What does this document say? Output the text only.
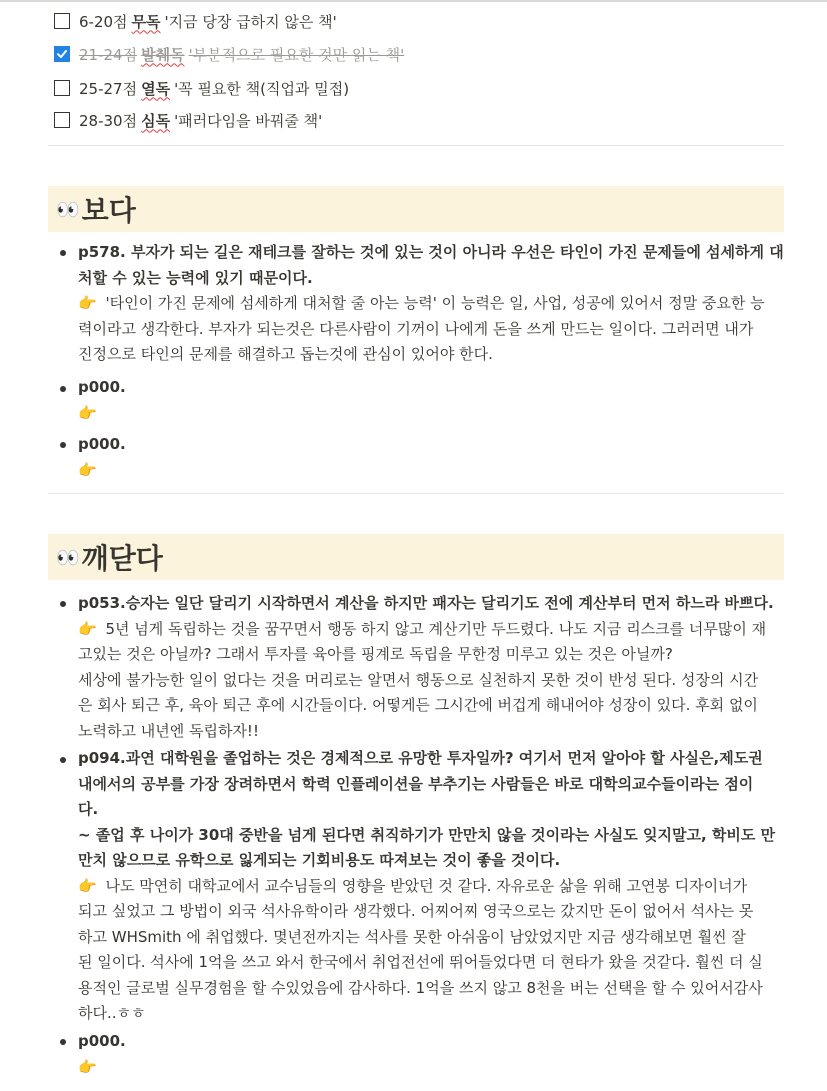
6-20점 무독 '지금 당장 급하지 않은 책'
21-24점 발췌독 '부분적으로 필요한 것만 읽는 책'
25-27점 열독 '꼭 필요한 책(직업과 밀접)
28-30점 심독 '패러다임을 바꿔줄 책'
👀 보다

p578. 부자가 되는 길은 재테크를 잘하는 것에 있는 것이 아니라 우선은 타인이 가진 문제들에 섬세하게 대처할 수 있는 능력에 있기 때문이다.

👉 '타인이 가진 문제에 섬세하게 대처할 줄 아는 능력' 이 능력은 일, 사업, 성공에 있어서 정말 중요한 능

력이라고 생각한다. 부자가 되는것은 다른사람이 기꺼이 나에게 돈을 쓰게 만드는 일이다. 그러러면 내가

진정으로 타인의 문제를 해결하고 돕는것에 관심이 있어야 한다.

p000.

👉

p000.

👉

👀 깨닫다

p053.승자는 일단 달리기 시작하면서 계산을 하지만 패자는 달리기도 전에 계산부터 먼저 하느라 바쁘다.

👉 5년 넘게 독립하는 것을 꿈꾸면서 행동 하지 않고 계산기만 두드렸다. 나도 지금 리스크를 너무많이 재

고있는 것은 아닐까? 그래서 투자를 육아를 핑계로 독립을 무한정 미루고 있는 것은 아닐까?

세상에 불가능한 일이 없다는 것을 머리로는 알면서 행동으로 실천하지 못한 것이 반성 된다. 성장의 시간

은 회사 퇴근 후, 육아 퇴근 후에 시간들이다. 어떻게든 그시간에 버겁게 해내어야 성장이 있다. 후회 없이

노력하고 내년엔 독립하자!!

p094.과연 대학원을 졸업하는 것은 경제적으로 유망한 투자일까? 여기서 먼저 알아야 할 사실은,제도권

내에서의 공부를 가장 장려하면서 학력 인플레이션을 부추기는 사람들은 바로 대학의교수들이라는 점이

다.

~ 졸업 후 나이가 30대 중반을 넘게 된다면 취직하기가 만만치 않을 것이라는 사실도 잊지말고, 학비도 만

만치 않으므로 유학으로 잃게되는 기회비용도 따져보는 것이 좋을 것이다.

👉 나도 막연히 대학교에서 교수님들의 영향을 받았던 것 같다. 자유로운 삶을 위해 고연봉 디자이너가

되고 싶었고 그 방법이 외국 석사유학이라 생각했다. 어찌어찌 영국으로는 갔지만 돈이 없어서 석사는 못

하고 WHSmith 에 취업했다. 몇년전까지는 석사를 못한 아쉬움이 남았었지만 지금 생각해보면 훨씬 잘

된 일이다. 석사에 1억을 쓰고 와서 한국에서 취업전선에 뛰어들었다면 더 현타가 왔을 것같다. 훨씬 더 실

용적인 글로벌 실무경험을 할 수있었음에 감사하다. 1억을 쓰지 않고 8천을 버는 선택을 할 수 있어서감사

하다..ㅎㅎ

p000.

👉
